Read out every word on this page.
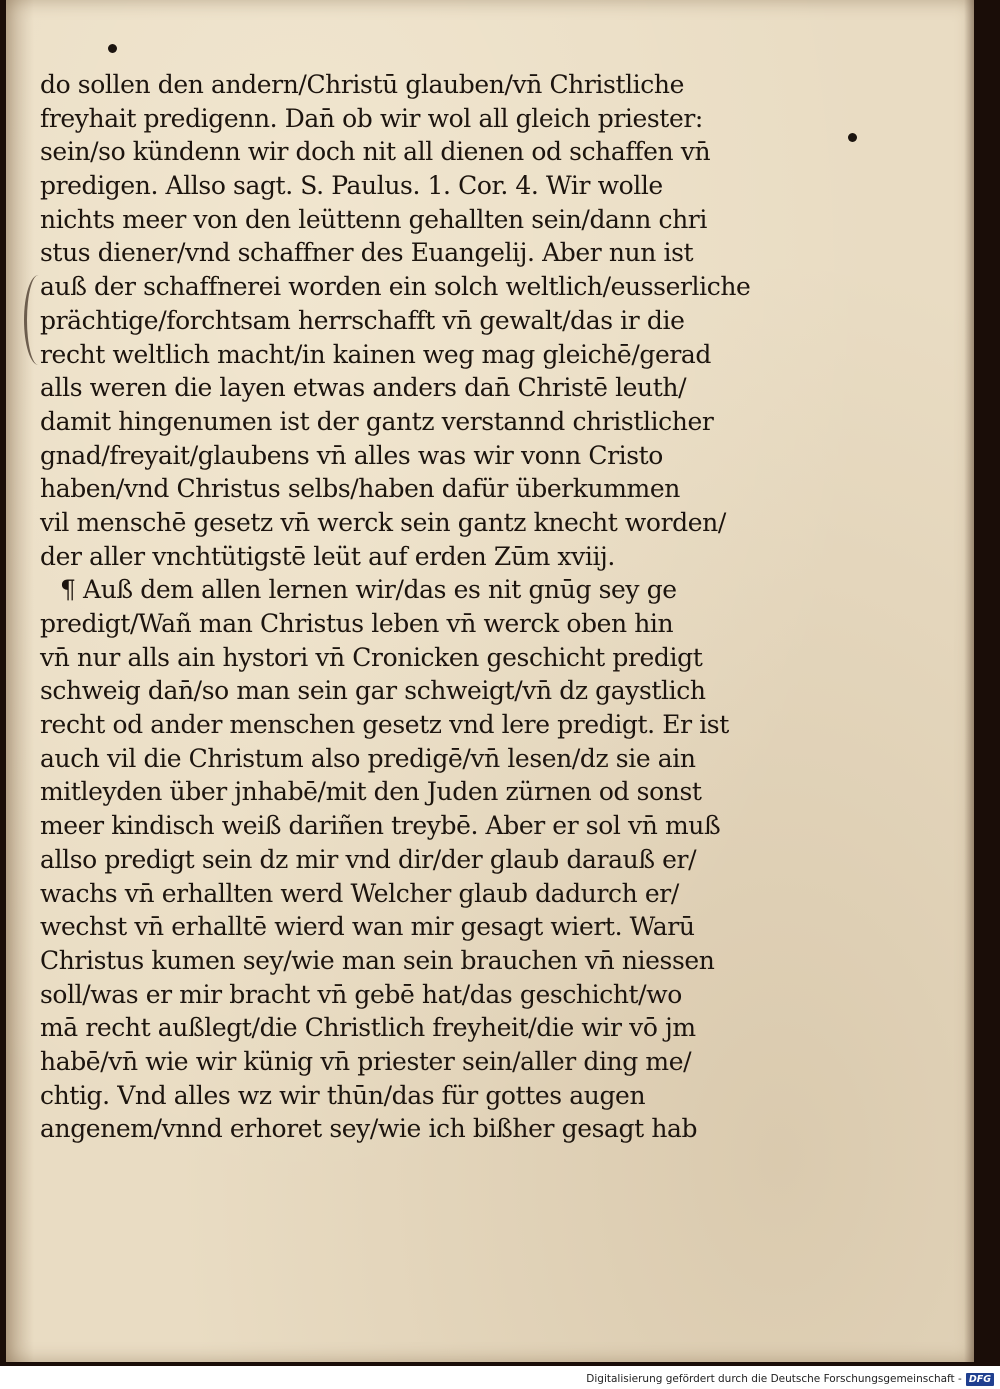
do sollen den andern/Christū glauben/vn̄ Christliche
freyhait predigenn. Dan̄ ob wir wol all gleich priester:
sein/so kündenn wir doch nit all dienen od schaffen vn̄
predigen. Allso sagt. S. Paulus. 1. Cor. 4. Wir wolle
nichts meer von den leüttenn gehallten sein/dann chri
stus diener/vnd schaffner des Euangelij. Aber nun ist
auß der schaffnerei worden ein solch weltlich/eusserliche
prächtige/forchtsam herrschafft vn̄ gewalt/das ir die
recht weltlich macht/in kainen weg mag gleichē/gerad
alls weren die layen etwas anders dan̄ Christē leuth/
damit hingenumen ist der gantz verstannd christlicher
gnad/freyait/glaubens vn̄ alles was wir vonn Cristo
haben/vnd Christus selbs/haben dafür überkummen
vil menschē gesetz vn̄ werck sein gantz knecht worden/
der aller vnchtütigstē leüt auf erden Zūm xviij.
¶ Auß dem allen lernen wir/das es nit gnūg sey ge
predigt/Wañ man Christus leben vn̄ werck oben hin
vn̄ nur alls ain hystori vn̄ Cronicken geschicht predigt
schweig dan̄/so man sein gar schweigt/vn̄ dz gaystlich
recht od ander menschen gesetz vnd lere predigt. Er ist
auch vil die Christum also predigē/vn̄ lesen/dz sie ain
mitleyden über jnhabē/mit den Juden zürnen od sonst
meer kindisch weiß dariñen treybē. Aber er sol vn̄ muß
allso predigt sein dz mir vnd dir/der glaub darauß er/
wachs vn̄ erhallten werd Welcher glaub dadurch er/
wechst vn̄ erhalltē wierd wan mir gesagt wiert. Warū
Christus kumen sey/wie man sein brauchen vn̄ niessen
soll/was er mir bracht vn̄ gebē hat/das geschicht/wo
mā recht außlegt/die Christlich freyheit/die wir vō jm
habē/vn̄ wie wir künig vn̄ priester sein/aller ding me/
chtig. Vnd alles wz wir thūn/das für gottes augen
angenem/vnnd erhoret sey/wie ich bißher gesagt hab
Digitalisierung gefördert durch die Deutsche Forschungsgemeinschaft - DFG
